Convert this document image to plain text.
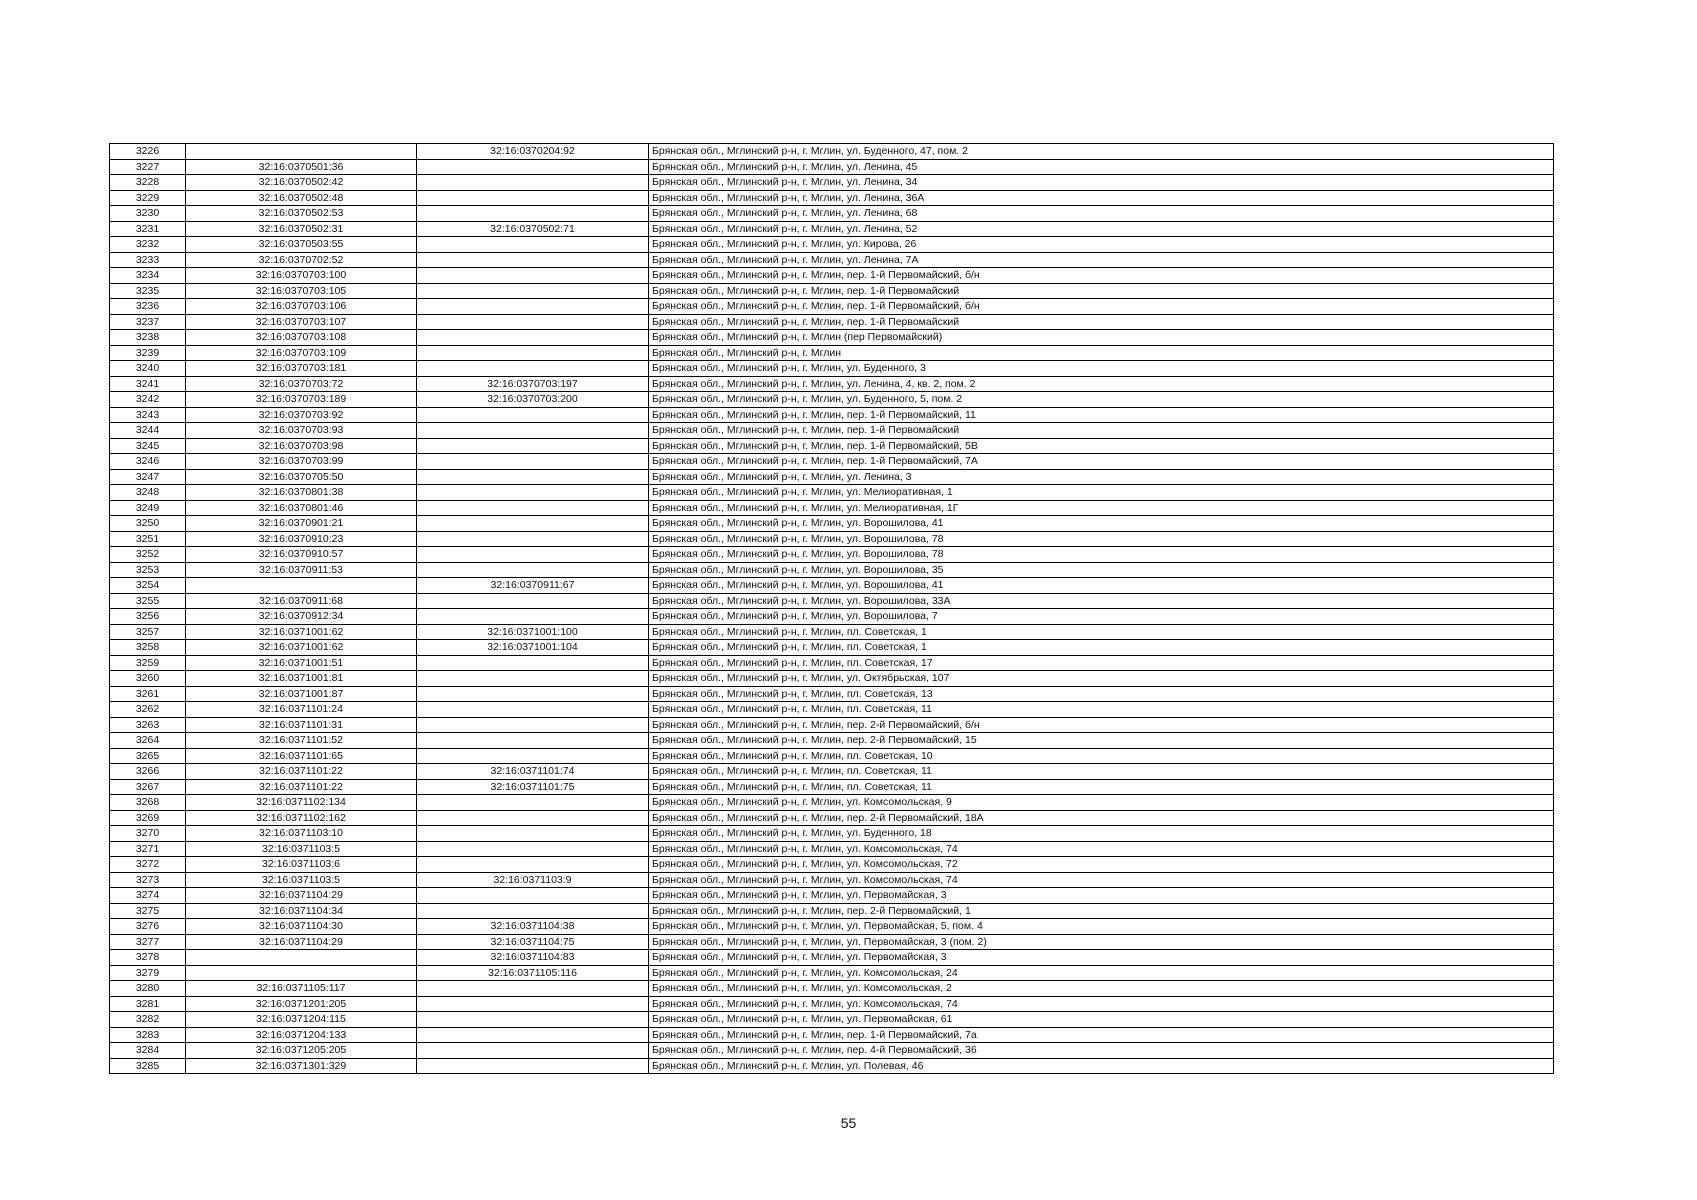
3226		32:16:0370204:92	Брянская обл., Мглинский р-н, г. Мглин, ул. Буденного, 47, пом. 2
3227	32:16:0370501:36		Брянская обл., Мглинский р-н, г. Мглин, ул. Ленина, 45
3228	32:16:0370502:42		Брянская обл., Мглинский р-н, г. Мглин, ул. Ленина, 34
3229	32:16:0370502:48		Брянская обл., Мглинский р-н, г. Мглин, ул. Ленина, 36А
3230	32:16:0370502:53		Брянская обл., Мглинский р-н, г. Мглин, ул. Ленина, 68
3231	32:16:0370502:31	32:16:0370502:71	Брянская обл., Мглинский р-н, г. Мглин, ул. Ленина, 52
3232	32:16:0370503:55		Брянская обл., Мглинский р-н, г. Мглин, ул. Кирова, 26
3233	32:16:0370702:52		Брянская обл., Мглинский р-н, г. Мглин, ул. Ленина, 7А
3234	32:16:0370703:100		Брянская обл., Мглинский р-н, г. Мглин, пер. 1-й Первомайский, б/н
3235	32:16:0370703:105		Брянская обл., Мглинский р-н, г. Мглин, пер. 1-й Первомайский
3236	32:16:0370703:106		Брянская обл., Мглинский р-н, г. Мглин, пер. 1-й Первомайский, б/н
3237	32:16:0370703:107		Брянская обл., Мглинский р-н, г. Мглин, пер. 1-й Первомайский
3238	32:16:0370703:108		Брянская обл., Мглинский р-н, г. Мглин (пер Первомайский)
3239	32:16:0370703:109		Брянская обл., Мглинский р-н, г. Мглин
3240	32:16:0370703:181		Брянская обл., Мглинский р-н, г. Мглин, ул. Буденного, 3
3241	32:16:0370703:72	32:16:0370703:197	Брянская обл., Мглинский р-н, г. Мглин, ул. Ленина, 4, кв. 2, пом. 2
3242	32:16:0370703:189	32:16:0370703:200	Брянская обл., Мглинский р-н, г. Мглин, ул. Буденного, 5, пом. 2
3243	32:16:0370703:92		Брянская обл., Мглинский р-н, г. Мглин, пер. 1-й Первомайский, 11
3244	32:16:0370703:93		Брянская обл., Мглинский р-н, г. Мглин, пер. 1-й Первомайский
3245	32:16:0370703:98		Брянская обл., Мглинский р-н, г. Мглин, пер. 1-й Первомайский, 5В
3246	32:16:0370703:99		Брянская обл., Мглинский р-н, г. Мглин, пер. 1-й Первомайский, 7А
3247	32:16:0370705:50		Брянская обл., Мглинский р-н, г. Мглин, ул. Ленина, 3
3248	32:16:0370801:38		Брянская обл., Мглинский р-н, г. Мглин, ул. Мелиоративная, 1
3249	32:16:0370801:46		Брянская обл., Мглинский р-н, г. Мглин, ул. Мелиоративная, 1Г
3250	32:16:0370901:21		Брянская обл., Мглинский р-н, г. Мглин, ул. Ворошилова, 41
3251	32:16:0370910:23		Брянская обл., Мглинский р-н, г. Мглин, ул. Ворошилова, 78
3252	32:16:0370910:57		Брянская обл., Мглинский р-н, г. Мглин, ул. Ворошилова, 78
3253	32:16:0370911:53		Брянская обл., Мглинский р-н, г. Мглин, ул. Ворошилова, 35
3254		32:16:0370911:67	Брянская обл., Мглинский р-н, г. Мглин, ул. Ворошилова, 41
3255	32:16:0370911:68		Брянская обл., Мглинский р-н, г. Мглин, ул. Ворошилова, 33А
3256	32:16:0370912:34		Брянская обл., Мглинский р-н, г. Мглин, ул. Ворошилова, 7
3257	32:16:0371001:62	32:16:0371001:100	Брянская обл., Мглинский р-н, г. Мглин, пл. Советская, 1
3258	32:16:0371001:62	32:16:0371001:104	Брянская обл., Мглинский р-н, г. Мглин, пл. Советская, 1
3259	32:16:0371001:51		Брянская обл., Мглинский р-н, г. Мглин, пл. Советская, 17
3260	32:16:0371001:81		Брянская обл., Мглинский р-н, г. Мглин, ул. Октябрьская, 107
3261	32:16:0371001:87		Брянская обл., Мглинский р-н, г. Мглин, пл. Советская, 13
3262	32:16:0371101:24		Брянская обл., Мглинский р-н, г. Мглин, пл. Советская, 11
3263	32:16:0371101:31		Брянская обл., Мглинский р-н, г. Мглин, пер. 2-й Первомайский, б/н
3264	32:16:0371101:52		Брянская обл., Мглинский р-н, г. Мглин, пер. 2-й Первомайский, 15
3265	32:16:0371101:65		Брянская обл., Мглинский р-н, г. Мглин, пл. Советская, 10
3266	32:16:0371101:22	32:16:0371101:74	Брянская обл., Мглинский р-н, г. Мглин, пл. Советская, 11
3267	32:16:0371101:22	32:16:0371101:75	Брянская обл., Мглинский р-н, г. Мглин, пл. Советская, 11
3268	32:16:0371102:134		Брянская обл., Мглинский р-н, г. Мглин, ул. Комсомольская, 9
3269	32:16:0371102:162		Брянская обл., Мглинский р-н, г. Мглин, пер. 2-й Первомайский, 18А
3270	32:16:0371103:10		Брянская обл., Мглинский р-н, г. Мглин, ул. Буденного, 18
3271	32:16:0371103:5		Брянская обл., Мглинский р-н, г. Мглин, ул. Комсомольская, 74
3272	32:16:0371103:6		Брянская обл., Мглинский р-н, г. Мглин, ул. Комсомольская, 72
3273	32:16:0371103:5	32:16:0371103:9	Брянская обл., Мглинский р-н, г. Мглин, ул. Комсомольская, 74
3274	32:16:0371104:29		Брянская обл., Мглинский р-н, г. Мглин, ул. Первомайская, 3
3275	32:16:0371104:34		Брянская обл., Мглинский р-н, г. Мглин, пер. 2-й Первомайский, 1
3276	32:16:0371104:30	32:16:0371104:38	Брянская обл., Мглинский р-н, г. Мглин, ул. Первомайская, 5, пом. 4
3277	32:16:0371104:29	32:16:0371104:75	Брянская обл., Мглинский р-н, г. Мглин, ул. Первомайская, 3 (пом. 2)
3278		32:16:0371104:83	Брянская обл., Мглинский р-н, г. Мглин, ул. Первомайская, 3
3279		32:16:0371105:116	Брянская обл., Мглинский р-н, г. Мглин, ул. Комсомольская, 24
3280	32:16:0371105:117		Брянская обл., Мглинский р-н, г. Мглин, ул. Комсомольская, 2
3281	32:16:0371201:205		Брянская обл., Мглинский р-н, г. Мглин, ул. Комсомольская, 74
3282	32:16:0371204:115		Брянская обл., Мглинский р-н, г. Мглин, ул. Первомайская, 61
3283	32:16:0371204:133		Брянская обл., Мглинский р-н, г. Мглин, пер. 1-й Первомайский, 7а
3284	32:16:0371205:205		Брянская обл., Мглинский р-н, г. Мглин, пер. 4-й Первомайский, 36
3285	32:16:0371301:329		Брянская обл., Мглинский р-н, г. Мглин, ул. Полевая, 46
55
